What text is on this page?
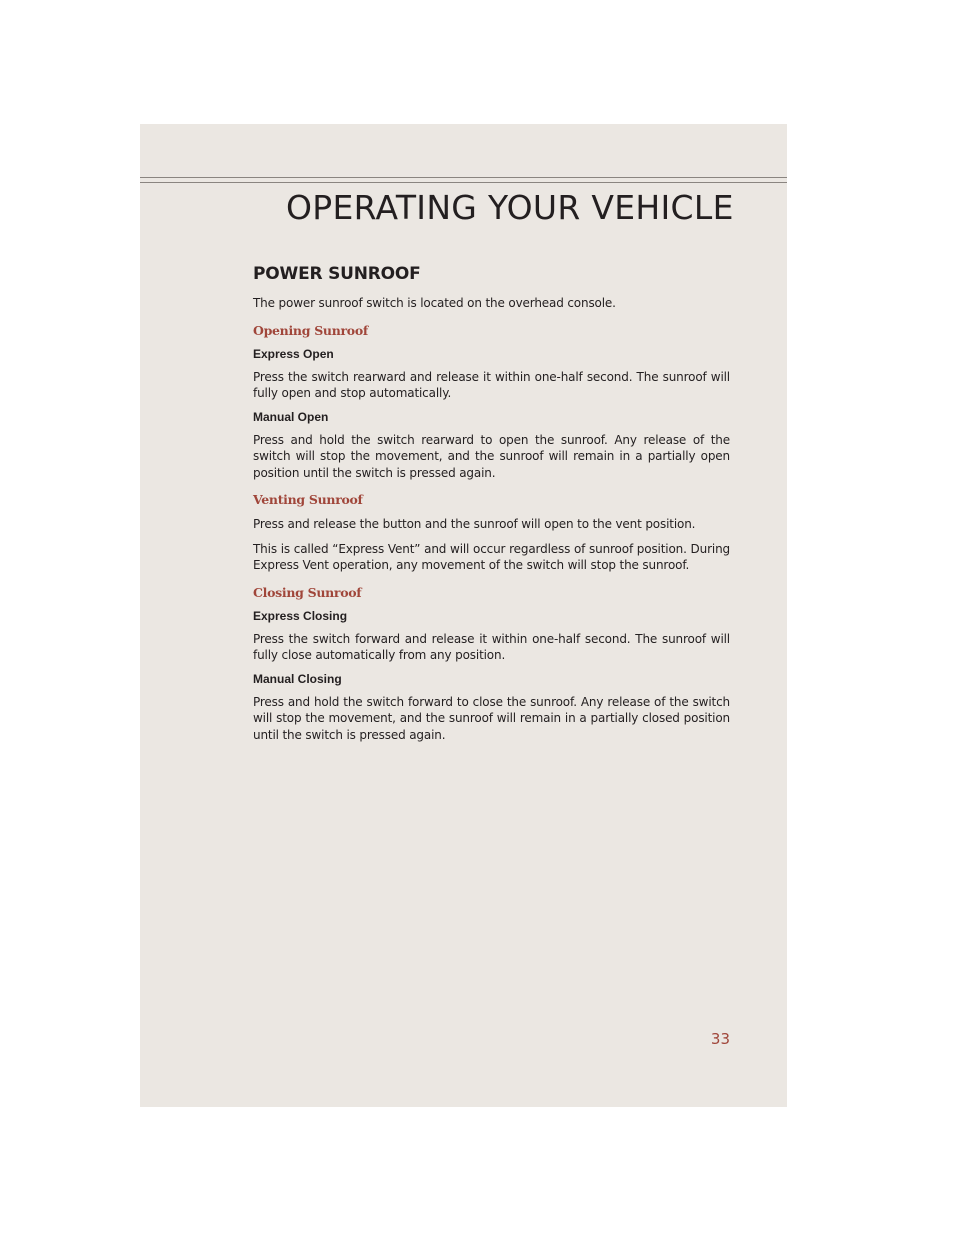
OPERATING YOUR VEHICLE
POWER SUNROOF

The power sunroof switch is located on the overhead console.

Opening Sunroof
Express Open

Press the switch rearward and release it within one-half second. The sunroof will fully open and stop automatically.

Manual Open

Press and hold the switch rearward to open the sunroof. Any release of the switch will stop the movement, and the sunroof will remain in a partially open position until the switch is pressed again.

Venting Sunroof

Press and release the button and the sunroof will open to the vent position.

This is called “Express Vent” and will occur regardless of sunroof position. During Express Vent operation, any movement of the switch will stop the sunroof.

Closing Sunroof
Express Closing

Press the switch forward and release it within one-half second. The sunroof will fully close automatically from any position.

Manual Closing

Press and hold the switch forward to close the sunroof. Any release of the switch will stop the movement, and the sunroof will remain in a partially closed position until the switch is pressed again.

33
